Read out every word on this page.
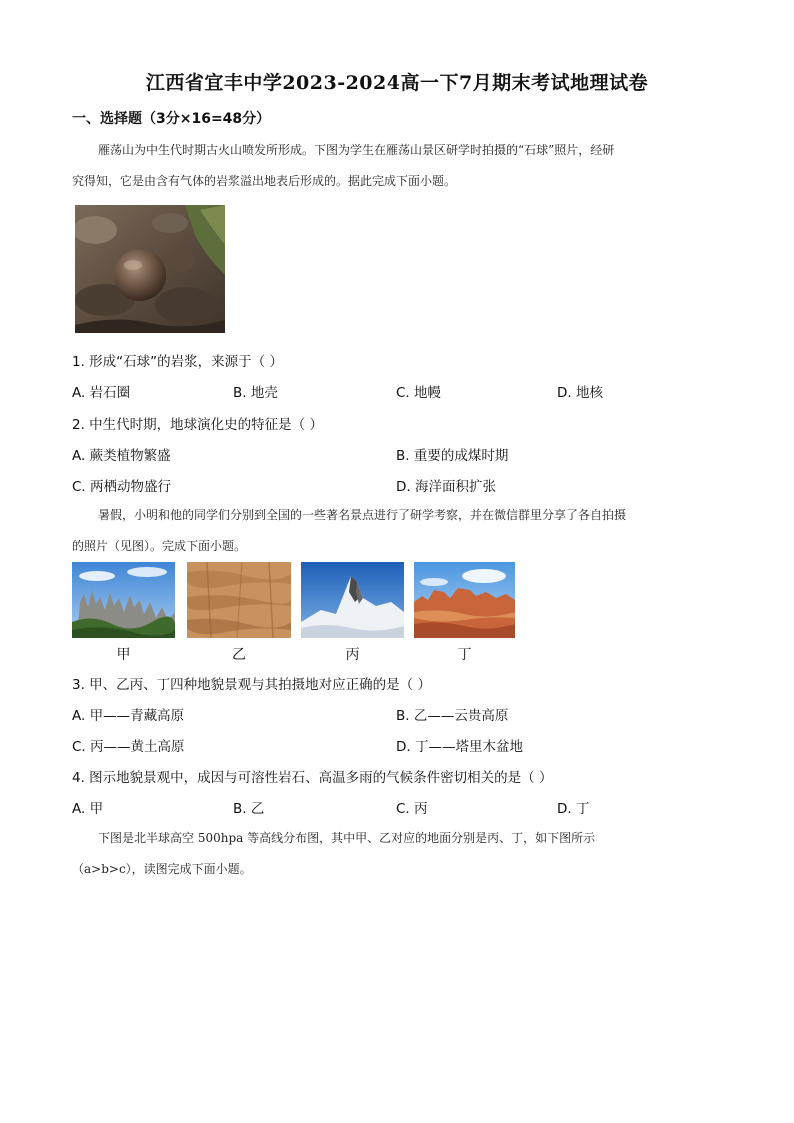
江西省宜丰中学2023-2024高一下7月期末考试地理试卷
一、选择题（3分×16=48分）
雁荡山为中生代时期古火山喷发所形成。下图为学生在雁荡山景区研学时拍摄的“石球”照片，经研
究得知，它是由含有气体的岩浆溢出地表后形成的。据此完成下面小题。
1. 形成“石球”的岩浆，来源于（ ）
A. 岩石圈	B. 地壳	C. 地幔	D. 地核
2. 中生代时期，地球演化史的特征是（ ）
A. 蕨类植物繁盛	B. 重要的成煤时期
C. 两栖动物盛行	D. 海洋面积扩张
暑假，小明和他的同学们分别到全国的一些著名景点进行了研学考察，并在微信群里分享了各自拍摄
的照片（见图）。完成下面小题。
甲	乙	丙	丁
3. 甲、乙丙、丁四种地貌景观与其拍摄地对应正确的是（ ）
A. 甲——青藏高原	B. 乙——云贵高原
C. 丙——黄土高原	D. 丁——塔里木盆地
4. 图示地貌景观中，成因与可溶性岩石、高温多雨的气候条件密切相关的是（ ）
A. 甲	B. 乙	C. 丙	D. 丁
下图是北半球高空 500hpa 等高线分布图，其中甲、乙对应的地面分别是丙、丁，如下图所示
（a>b>c），读图完成下面小题。
